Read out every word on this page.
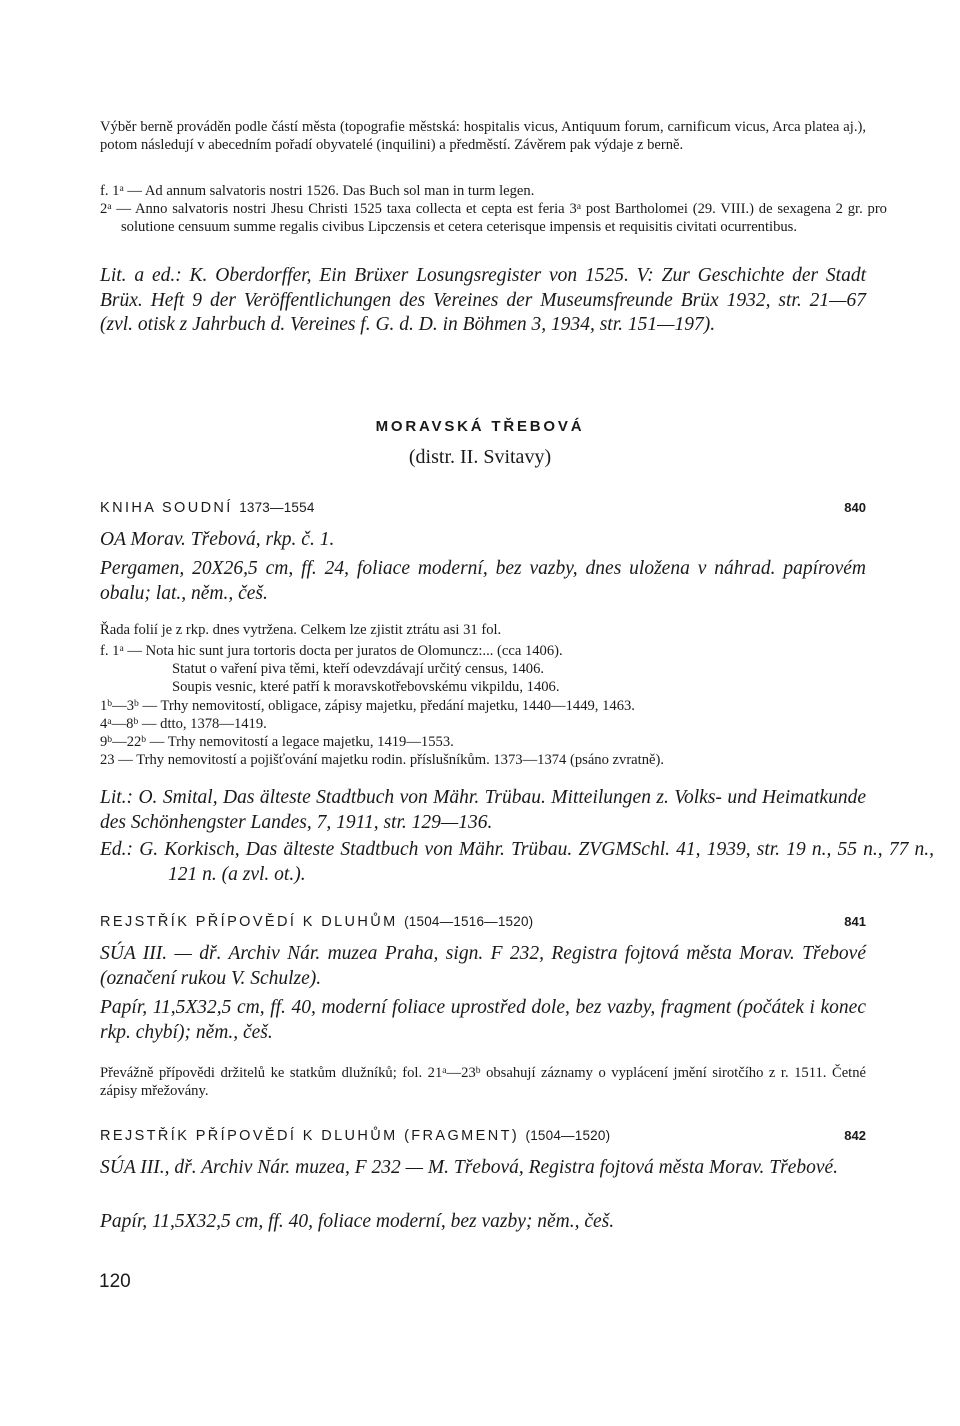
Výběr berně prováděn podle částí města (topografie městská: hospitalis vicus, Antiquum forum, carnificum vicus, Arca platea aj.), potom následují v abecedním pořadí obyvatelé (inquilini) a předměstí. Závěrem pak výdaje z berně.
f. 1$^a$ — Ad annum salvatoris nostri 1526. Das Buch sol man in turm legen.
2$^a$ — Anno salvatoris nostri Jhesu Christi 1525 taxa collecta et cepta est feria 3$^a$ post Bartholomei (29. VIII.) de sexagena 2 gr. pro solutione censuum summe regalis civibus Lipczensis et cetera ceterisque impensis et requisitis civitati ocurrentibus.
Lit. a ed.: K. Oberdorffer, Ein Brüxer Losungsregister von 1525. V: Zur Geschichte der Stadt Brüx. Heft 9 der Veröffentlichungen des Vereines der Museumsfreunde Brüx 1932, str. 21—67 (zvl. otisk z Jahrbuch d. Vereines f. G. d. D. in Böhmen 3, 1934, str. 151—197).
MORAVSKÁ TŘEBOVÁ
(distr. II. Svitavy)
KNIHA SOUDNÍ 1373—1554	840
OA Morav. Třebová, rkp. č. 1.
Pergamen, 20X26,5 cm, ff. 24, foliace moderní, bez vazby, dnes uložena v náhrad. papírovém obalu; lat., něm., češ.
Řada folií je z rkp. dnes vytržena. Celkem lze zjistit ztrátu asi 31 fol.
f. 1$^a$ — Nota hic sunt jura tortoris docta per juratos de Olomuncz:... (cca 1406).
Statut o vaření piva těmi, kteří odevzdávají určitý census, 1406.
Soupis vesnic, které patří k moravskotřebovskému vikpildu, 1406.
1$^b$—3$^b$ — Trhy nemovitostí, obligace, zápisy majetku, předání majetku, 1440—1449, 1463.
4$^a$—8$^b$ — dtto, 1378—1419.
9$^b$—22$^b$ — Trhy nemovitostí a legace majetku, 1419—1553.
23 — Trhy nemovitostí a pojišťování majetku rodin. příslušníkům. 1373—1374 (psáno zvratně).
Lit.: O. Smital, Das älteste Stadtbuch von Mähr. Trübau. Mitteilungen z. Volks- und Heimatkunde des Schönhengster Landes, 7, 1911, str. 129—136.
Ed.: G. Korkisch, Das älteste Stadtbuch von Mähr. Trübau. ZVGMSchl. 41, 1939, str. 19 n., 55 n., 77 n., 121 n. (a zvl. ot.).
REJSTŘÍK PŘÍPOVĚDÍ K DLUHŮM (1504—1516—1520)	841
SÚA III. — dř. Archiv Nár. muzea Praha, sign. F 232, Registra fojtová města Morav. Třebové (označení rukou V. Schulze).
Papír, 11,5X32,5 cm, ff. 40, moderní foliace uprostřed dole, bez vazby, fragment (počátek i konec rkp. chybí); něm., češ.
Převážně přípovědi držitelů ke statkům dlužníků; fol. 21$^a$—23$^b$ obsahují záznamy o vyplácení jmění sirotčího z r. 1511. Četné zápisy mřežovány.
REJSTŘÍK PŘÍPOVĚDÍ K DLUHŮM (FRAGMENT) (1504—1520)	842
SÚA III., dř. Archiv Nár. muzea, F 232 — M. Třebová, Registra fojtová města Morav. Třebové.
Papír, 11,5X32,5 cm, ff. 40, foliace moderní, bez vazby; něm., češ.
120
